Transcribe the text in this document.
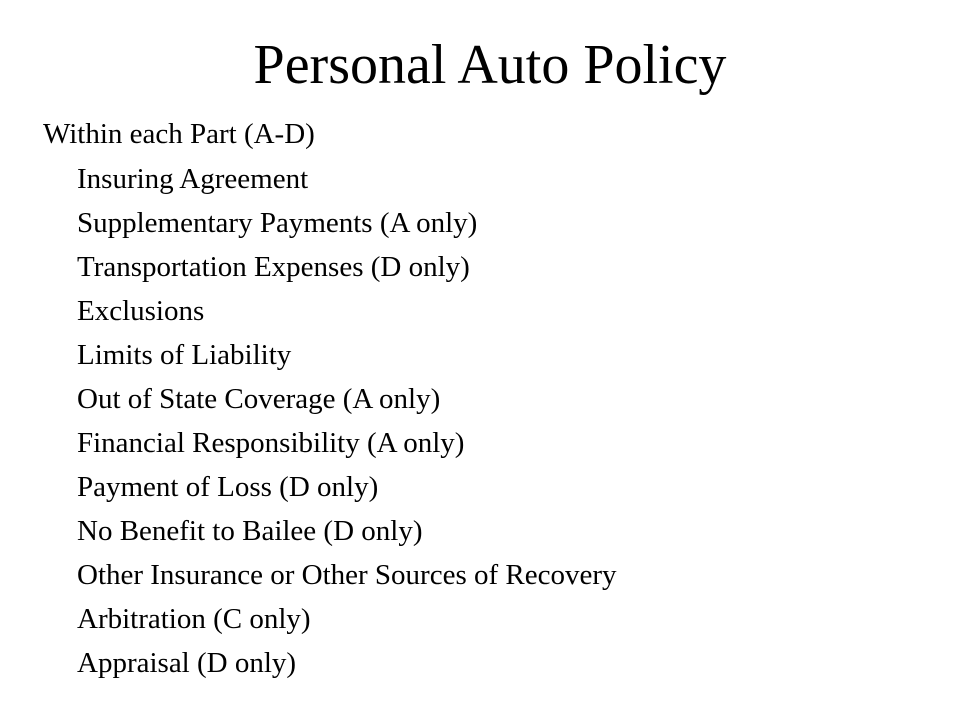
Personal Auto Policy

Within each Part (A-D)

Insuring Agreement
Supplementary Payments (A only)
Transportation Expenses (D only)
Exclusions
Limits of Liability
Out of State Coverage (A only)
Financial Responsibility (A only)
Payment of Loss (D only)
No Benefit to Bailee (D only)
Other Insurance or Other Sources of Recovery
Arbitration (C only)
Appraisal (D only)
